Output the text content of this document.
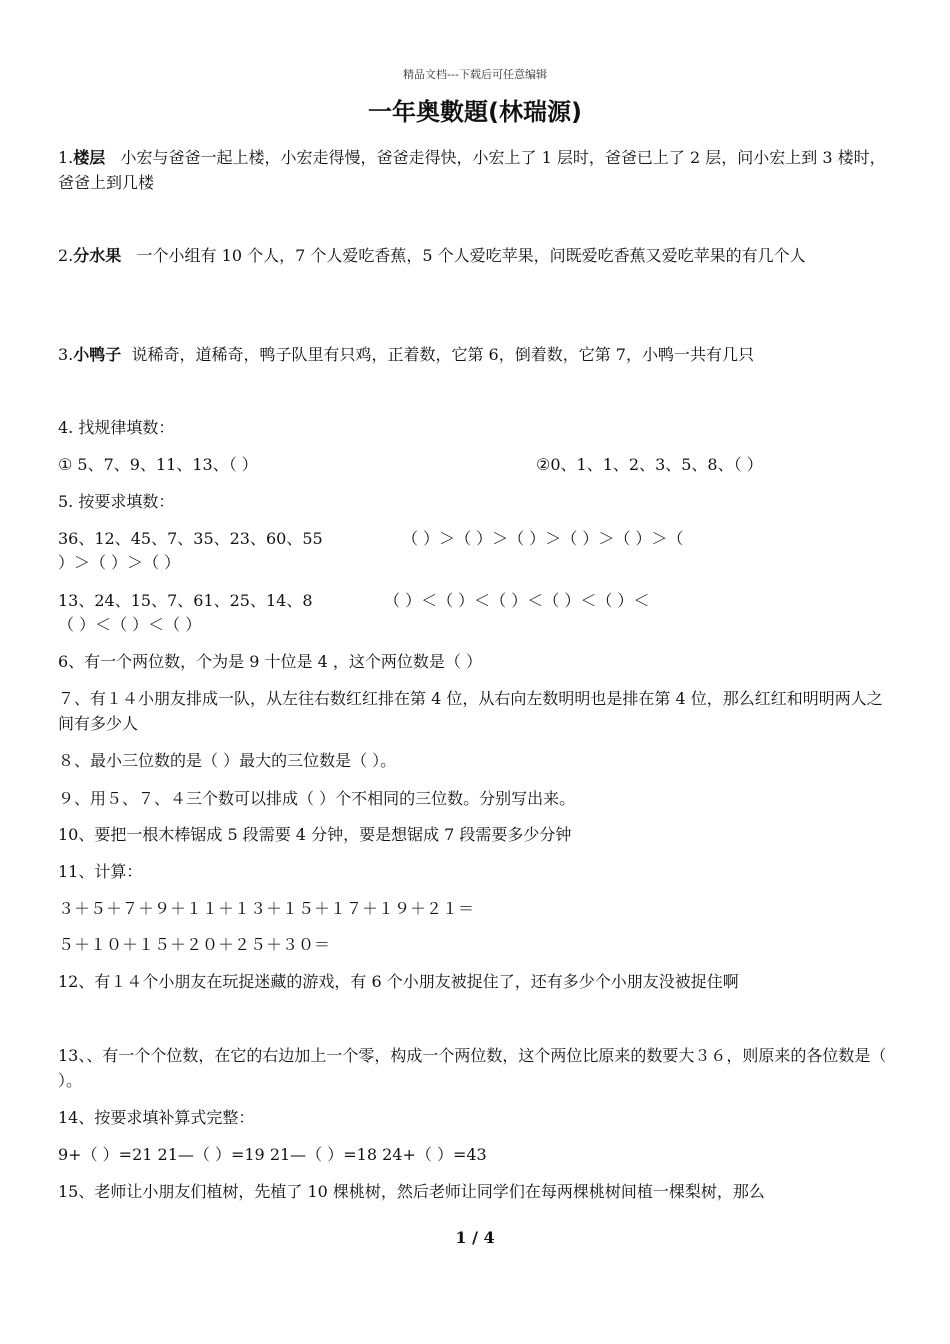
精品文档---下载后可任意编辑
一年奥數題(林瑞源)
1.楼层 小宏与爸爸一起上楼，小宏走得慢，爸爸走得快，小宏上了 1 层时，爸爸已上了 2 层，问小宏上到 3 楼时，爸爸上到几楼
2.分水果 一个小组有 10 个人，7 个人爱吃香蕉，5 个人爱吃苹果，问既爱吃香蕉又爱吃苹果的有几个人
3.小鸭子 说稀奇，道稀奇，鸭子队里有只鸡，正着数，它第 6，倒着数，它第 7，小鸭一共有几只
4. 找规律填数：
① 5、7、9、11、13、（ ）	②0、1、1、2、3、5、8、（ ）
5. 按要求填数：
36、12、45、7、35、23、60、55	（ ）＞（ ）＞（ ）＞（ ）＞（ ）＞（
）＞（ ）＞（ ）
13、24、15、7、61、25、14、8	（ ）＜（ ）＜（ ）＜（ ）＜（ ）＜
（ ）＜（ ）＜（ ）
6、有一个两位数，个为是 9 十位是 4 ，这个两位数是（ ）
７、有１４小朋友排成一队，从左往右数红红排在第 4 位，从右向左数明明也是排在第 4 位，那么红红和明明两人之间有多少人
８、最小三位数的是（ ）最大的三位数是（ ）。
９、用５、７、４三个数可以排成（ ）个不相同的三位数。分别写出来。
10、要把一根木棒锯成 5 段需要 4 分钟，要是想锯成 7 段需要多少分钟
11、计算：
３＋５＋７＋９＋１１＋１３＋１５＋１７＋１９＋２１＝
５＋１０＋１５＋２０＋２５＋３０＝
12、有１４个小朋友在玩捉迷藏的游戏，有 6 个小朋友被捉住了，还有多少个小朋友没被捉住啊
13、、有一个个位数，在它的右边加上一个零，构成一个两位数，这个两位比原来的数要大３６，则原来的各位数是（ ）。
14、按要求填补算式完整：
9+（ ）=21 21—（ ）=19 21—（ ）=18 24+（ ）=43
15、老师让小朋友们植树，先植了 10 棵桃树，然后老师让同学们在每两棵桃树间植一棵梨树，那么
1 / 4
